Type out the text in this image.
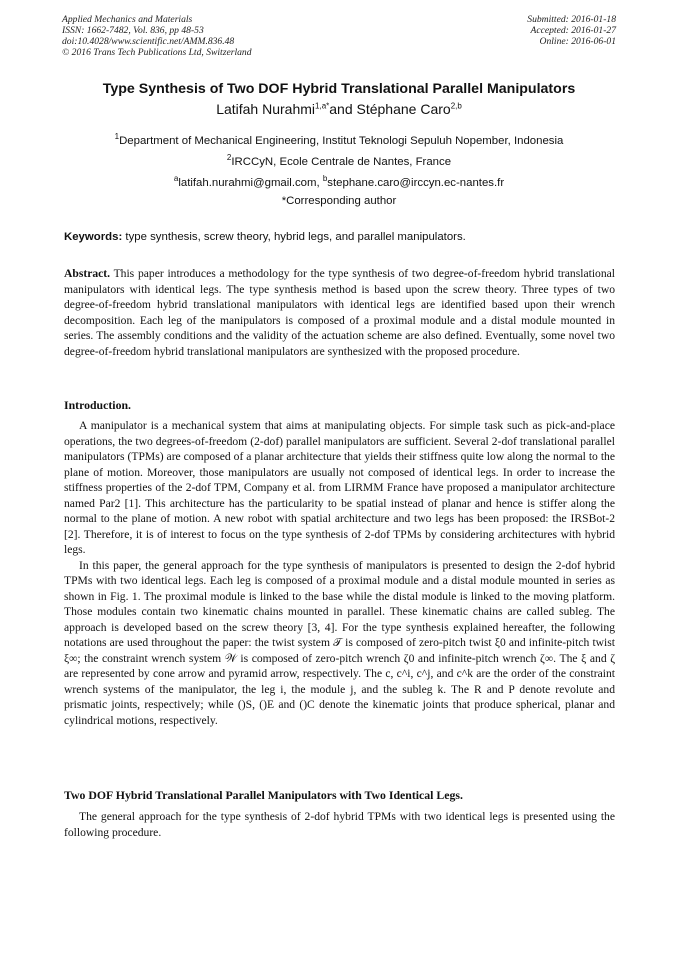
Applied Mechanics and Materials
ISSN: 1662-7482, Vol. 836, pp 48-53
doi:10.4028/www.scientific.net/AMM.836.48
© 2016 Trans Tech Publications Ltd, Switzerland
Submitted: 2016-01-18
Accepted: 2016-01-27
Online: 2016-06-01
Type Synthesis of Two DOF Hybrid Translational Parallel Manipulators
Latifah Nurahmi$^{1,a*}$and Stéphane Caro$^{2,b}$
$^1$Department of Mechanical Engineering, Institut Teknologi Sepuluh Nopember, Indonesia
$^2$IRCCyN, Ecole Centrale de Nantes, France
$^a$latifah.nurahmi@gmail.com, $^b$stephane.caro@irccyn.ec-nantes.fr
*Corresponding author
Keywords: type synthesis, screw theory, hybrid legs, and parallel manipulators.

Abstract. This paper introduces a methodology for the type synthesis of two degree-of-freedom hybrid translational manipulators with identical legs. The type synthesis method is based upon the screw theory. Three types of two degree-of-freedom hybrid translational manipulators with identical legs are identified based upon their wrench decomposition. Each leg of the manipulators is composed of a proximal module and a distal module mounted in series. The assembly conditions and the validity of the actuation scheme are also defined. Eventually, some novel two degree-of-freedom hybrid translational manipulators are synthesized with the proposed procedure.

Introduction.

A manipulator is a mechanical system that aims at manipulating objects. For simple task such as pick-and-place operations, the two degrees-of-freedom (2-dof) parallel manipulators are sufficient. Several 2-dof translational parallel manipulators (TPMs) are composed of a planar architecture that yields their stiffness quite low along the normal to the plane of motion. Moreover, those manipulators are usually not composed of identical legs. In order to increase the stiffness properties of the 2-dof TPM, Company et al. from LIRMM France have proposed a manipulator architecture named Par2 [1]. This architecture has the particularity to be spatial instead of planar and hence is stiffer along the normal to the plane of motion. A new robot with spatial architecture and two legs has been proposed: the IRSBot-2 [2]. Therefore, it is of interest to focus on the type synthesis of 2-dof TPMs by considering architectures with hybrid legs.

In this paper, the general approach for the type synthesis of manipulators is presented to design the 2-dof hybrid TPMs with two identical legs. Each leg is composed of a proximal module and a distal module mounted in series as shown in Fig. 1. The proximal module is linked to the base while the distal module is linked to the moving platform. Those modules contain two kinematic chains mounted in parallel. These kinematic chains are called subleg. The approach is developed based on the screw theory [3, 4]. For the type synthesis explained hereafter, the following notations are used throughout the paper: the twist system 𝒯 is composed of zero-pitch twist ξ0 and infinite-pitch twist ξ∞; the constraint wrench system 𝒲 is composed of zero-pitch wrench ζ0 and infinite-pitch wrench ζ∞. The ξ and ζ are represented by cone arrow and pyramid arrow, respectively. The c, c^i, c^j, and c^k are the order of the constraint wrench systems of the manipulator, the leg i, the module j, and the subleg k. The R and P denote revolute and prismatic joints, respectively; while ()S, ()E and ()C denote the kinematic joints that produce spherical, planar and cylindrical motions, respectively.

Two DOF Hybrid Translational Parallel Manipulators with Two Identical Legs.

The general approach for the type synthesis of 2-dof hybrid TPMs with two identical legs is presented using the following procedure.
